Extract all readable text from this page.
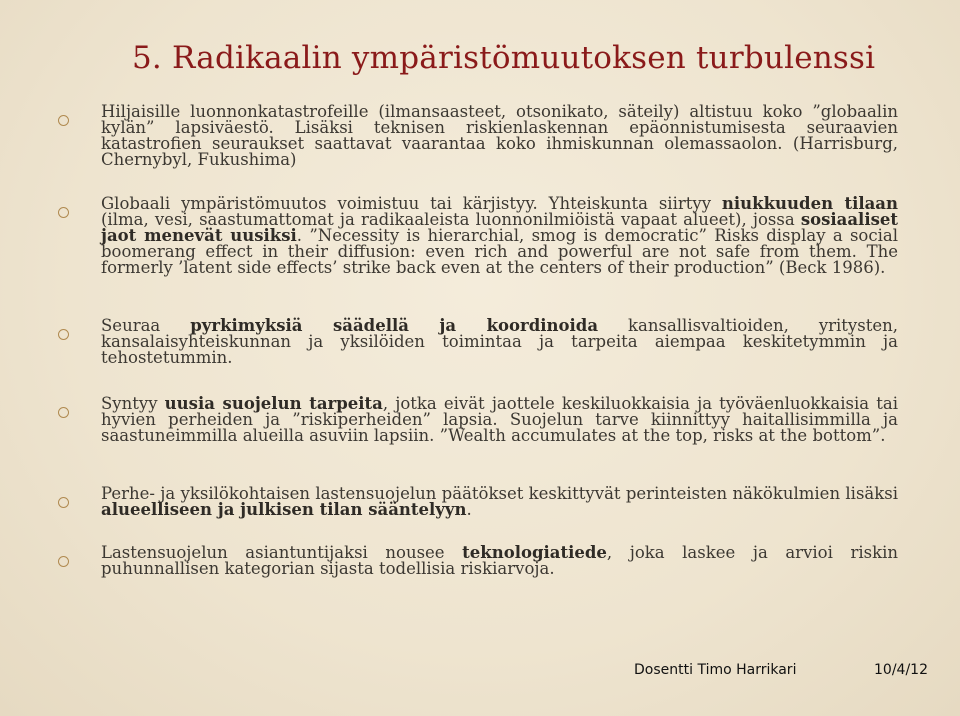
5. Radikaalin ympäristömuutoksen turbulenssi
Hiljaisille luonnonkatastrofeille (ilmansaasteet, otsonikato, säteily) altistuu koko ”globaalin kylän” lapsiväestö. Lisäksi teknisen riskienlaskennan epäonnistumisesta seuraavien katastrofien seuraukset saattavat vaarantaa koko ihmiskunnan olemassaolon. (Harrisburg, Chernybyl, Fukushima)
Globaali ympäristömuutos voimistuu tai kärjistyy. Yhteiskunta siirtyy niukkuuden tilaan (ilma, vesi, saastumattomat ja radikaaleista luonnonilmiöistä vapaat alueet), jossa sosiaaliset jaot menevät uusiksi. ”Necessity is hierarchial, smog is democratic” Risks display a social boomerang effect in their diffusion: even rich and powerful are not safe from them. The formerly ’latent side effects’ strike back even at the centers of their production” (Beck 1986).
Seuraa pyrkimyksiä säädellä ja koordinoida kansallisvaltioiden, yritysten, kansalaisyhteiskunnan ja yksilöiden toimintaa ja tarpeita aiempaa keskitetymmin ja tehostetummin.
Syntyy uusia suojelun tarpeita, jotka eivät jaottele keskiluokkaisia ja työväenluokkaisia tai hyvien perheiden ja ”riskiperheiden” lapsia. Suojelun tarve kiinnittyy haitallisimmilla ja saastuneimmilla alueilla asuviin lapsiin. ”Wealth accumulates at the top, risks at the bottom”.
Perhe- ja yksilökohtaisen lastensuojelun päätökset keskittyvät perinteisten näkökulmien lisäksi alueelliseen ja julkisen tilan sääntelyyn.
Lastensuojelun asiantuntijaksi nousee teknologiatiede, joka laskee ja arvioi riskin puhunnallisen kategorian sijasta todellisia riskiarvoja.
Dosentti Timo Harrikari	10/4/12
